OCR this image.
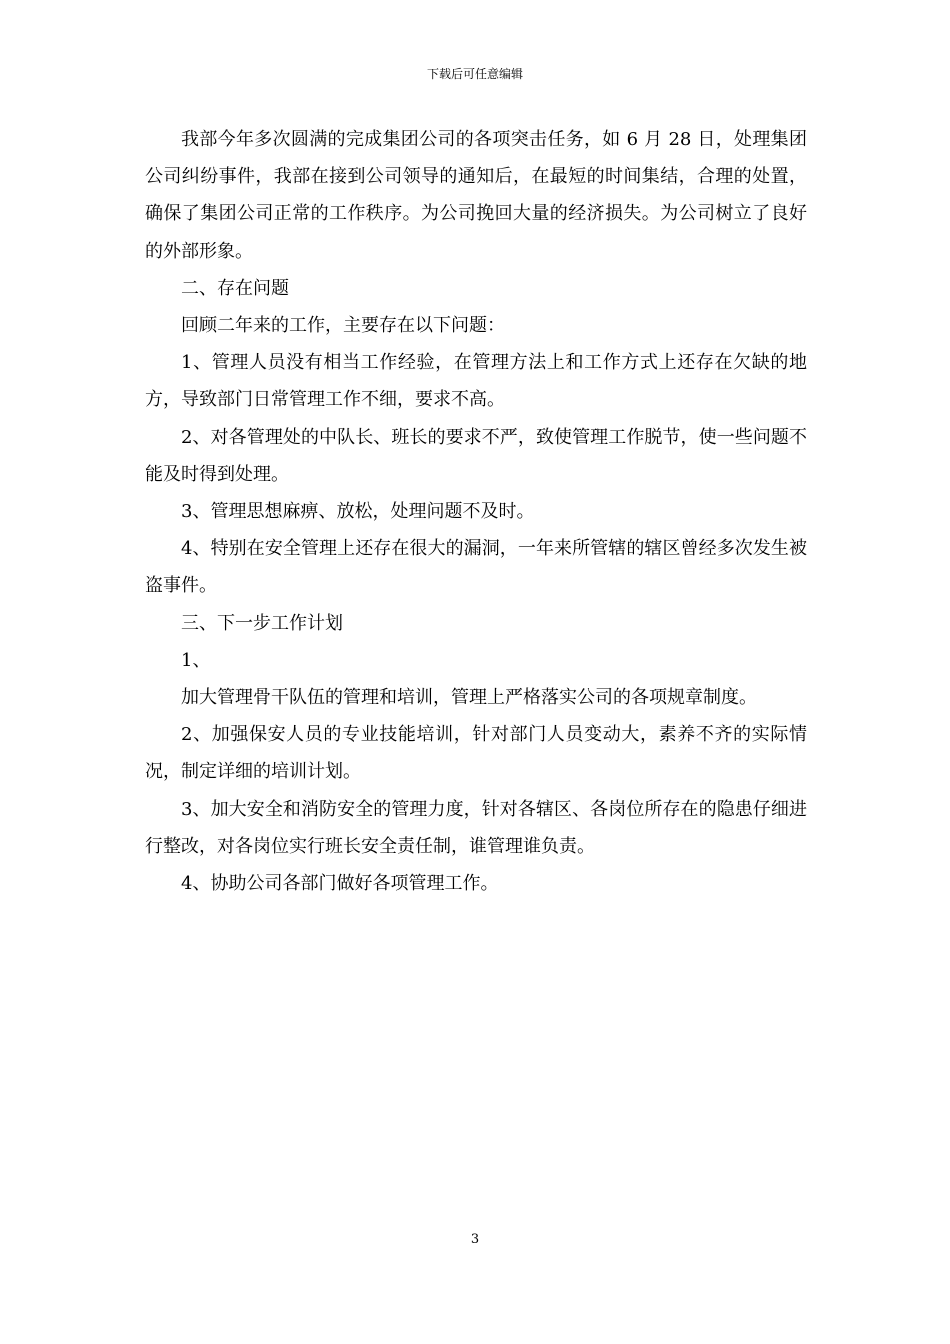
下载后可任意编辑

我部今年多次圆满的完成集团公司的各项突击任务，如 6 月 28 日，处理集团公司纠纷事件，我部在接到公司领导的通知后，在最短的时间集结，合理的处置，确保了集团公司正常的工作秩序。为公司挽回大量的经济损失。为公司树立了良好的外部形象。

二、存在问题

回顾二年来的工作，主要存在以下问题：

1、管理人员没有相当工作经验，在管理方法上和工作方式上还存在欠缺的地方，导致部门日常管理工作不细，要求不高。

2、对各管理处的中队长、班长的要求不严，致使管理工作脱节，使一些问题不能及时得到处理。

3、管理思想麻痹、放松，处理问题不及时。

4、特别在安全管理上还存在很大的漏洞，一年来所管辖的辖区曾经多次发生被盗事件。

三、下一步工作计划

1、

加大管理骨干队伍的管理和培训，管理上严格落实公司的各项规章制度。

2、加强保安人员的专业技能培训，针对部门人员变动大，素养不齐的实际情况，制定详细的培训计划。

3、加大安全和消防安全的管理力度，针对各辖区、各岗位所存在的隐患仔细进行整改，对各岗位实行班长安全责任制，谁管理谁负责。

4、协助公司各部门做好各项管理工作。

3
